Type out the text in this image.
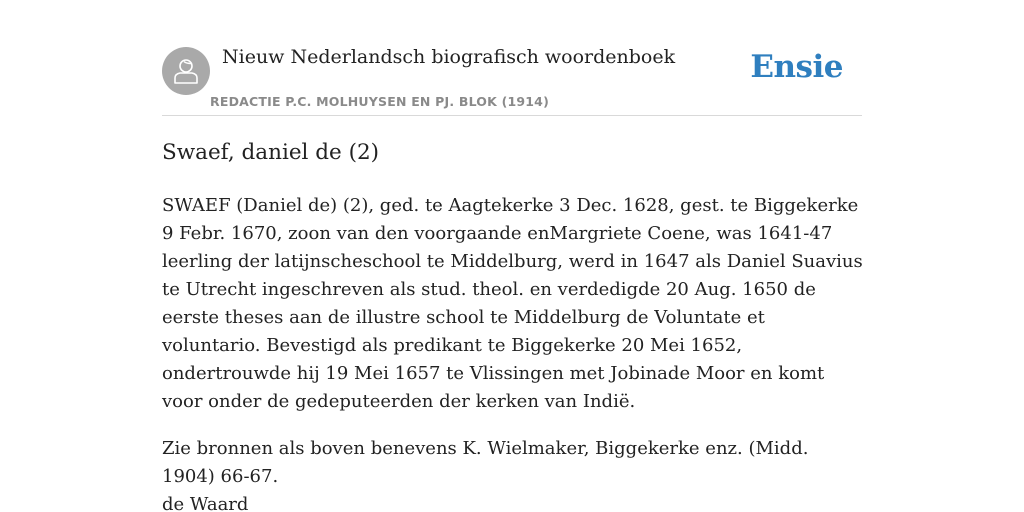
Nieuw Nederlandsch biografisch woordenboek
REDACTIE P.C. MOLHUYSEN EN PJ. BLOK (1914)
Ensie
Swaef, daniel de (2)

SWAEF (Daniel de) (2), ged. te Aagtekerke 3 Dec. 1628, gest. te Biggekerke 9 Febr. 1670, zoon van den voorgaande enMargriete Coene, was 1641-47 leerling der latijnscheschool te Middelburg, werd in 1647 als Daniel Suavius te Utrecht ingeschreven als stud. theol. en verdedigde 20 Aug. 1650 de eerste theses aan de illustre school te Middelburg de Voluntate et voluntario. Bevestigd als predikant te Biggekerke 20 Mei 1652, ondertrouwde hij 19 Mei 1657 te Vlissingen met Jobinade Moor en komt voor onder de gedeputeerden der kerken van Indië.

Zie bronnen als boven benevens K. Wielmaker, Biggekerke enz. (Midd. 1904) 66-67.

de Waard
